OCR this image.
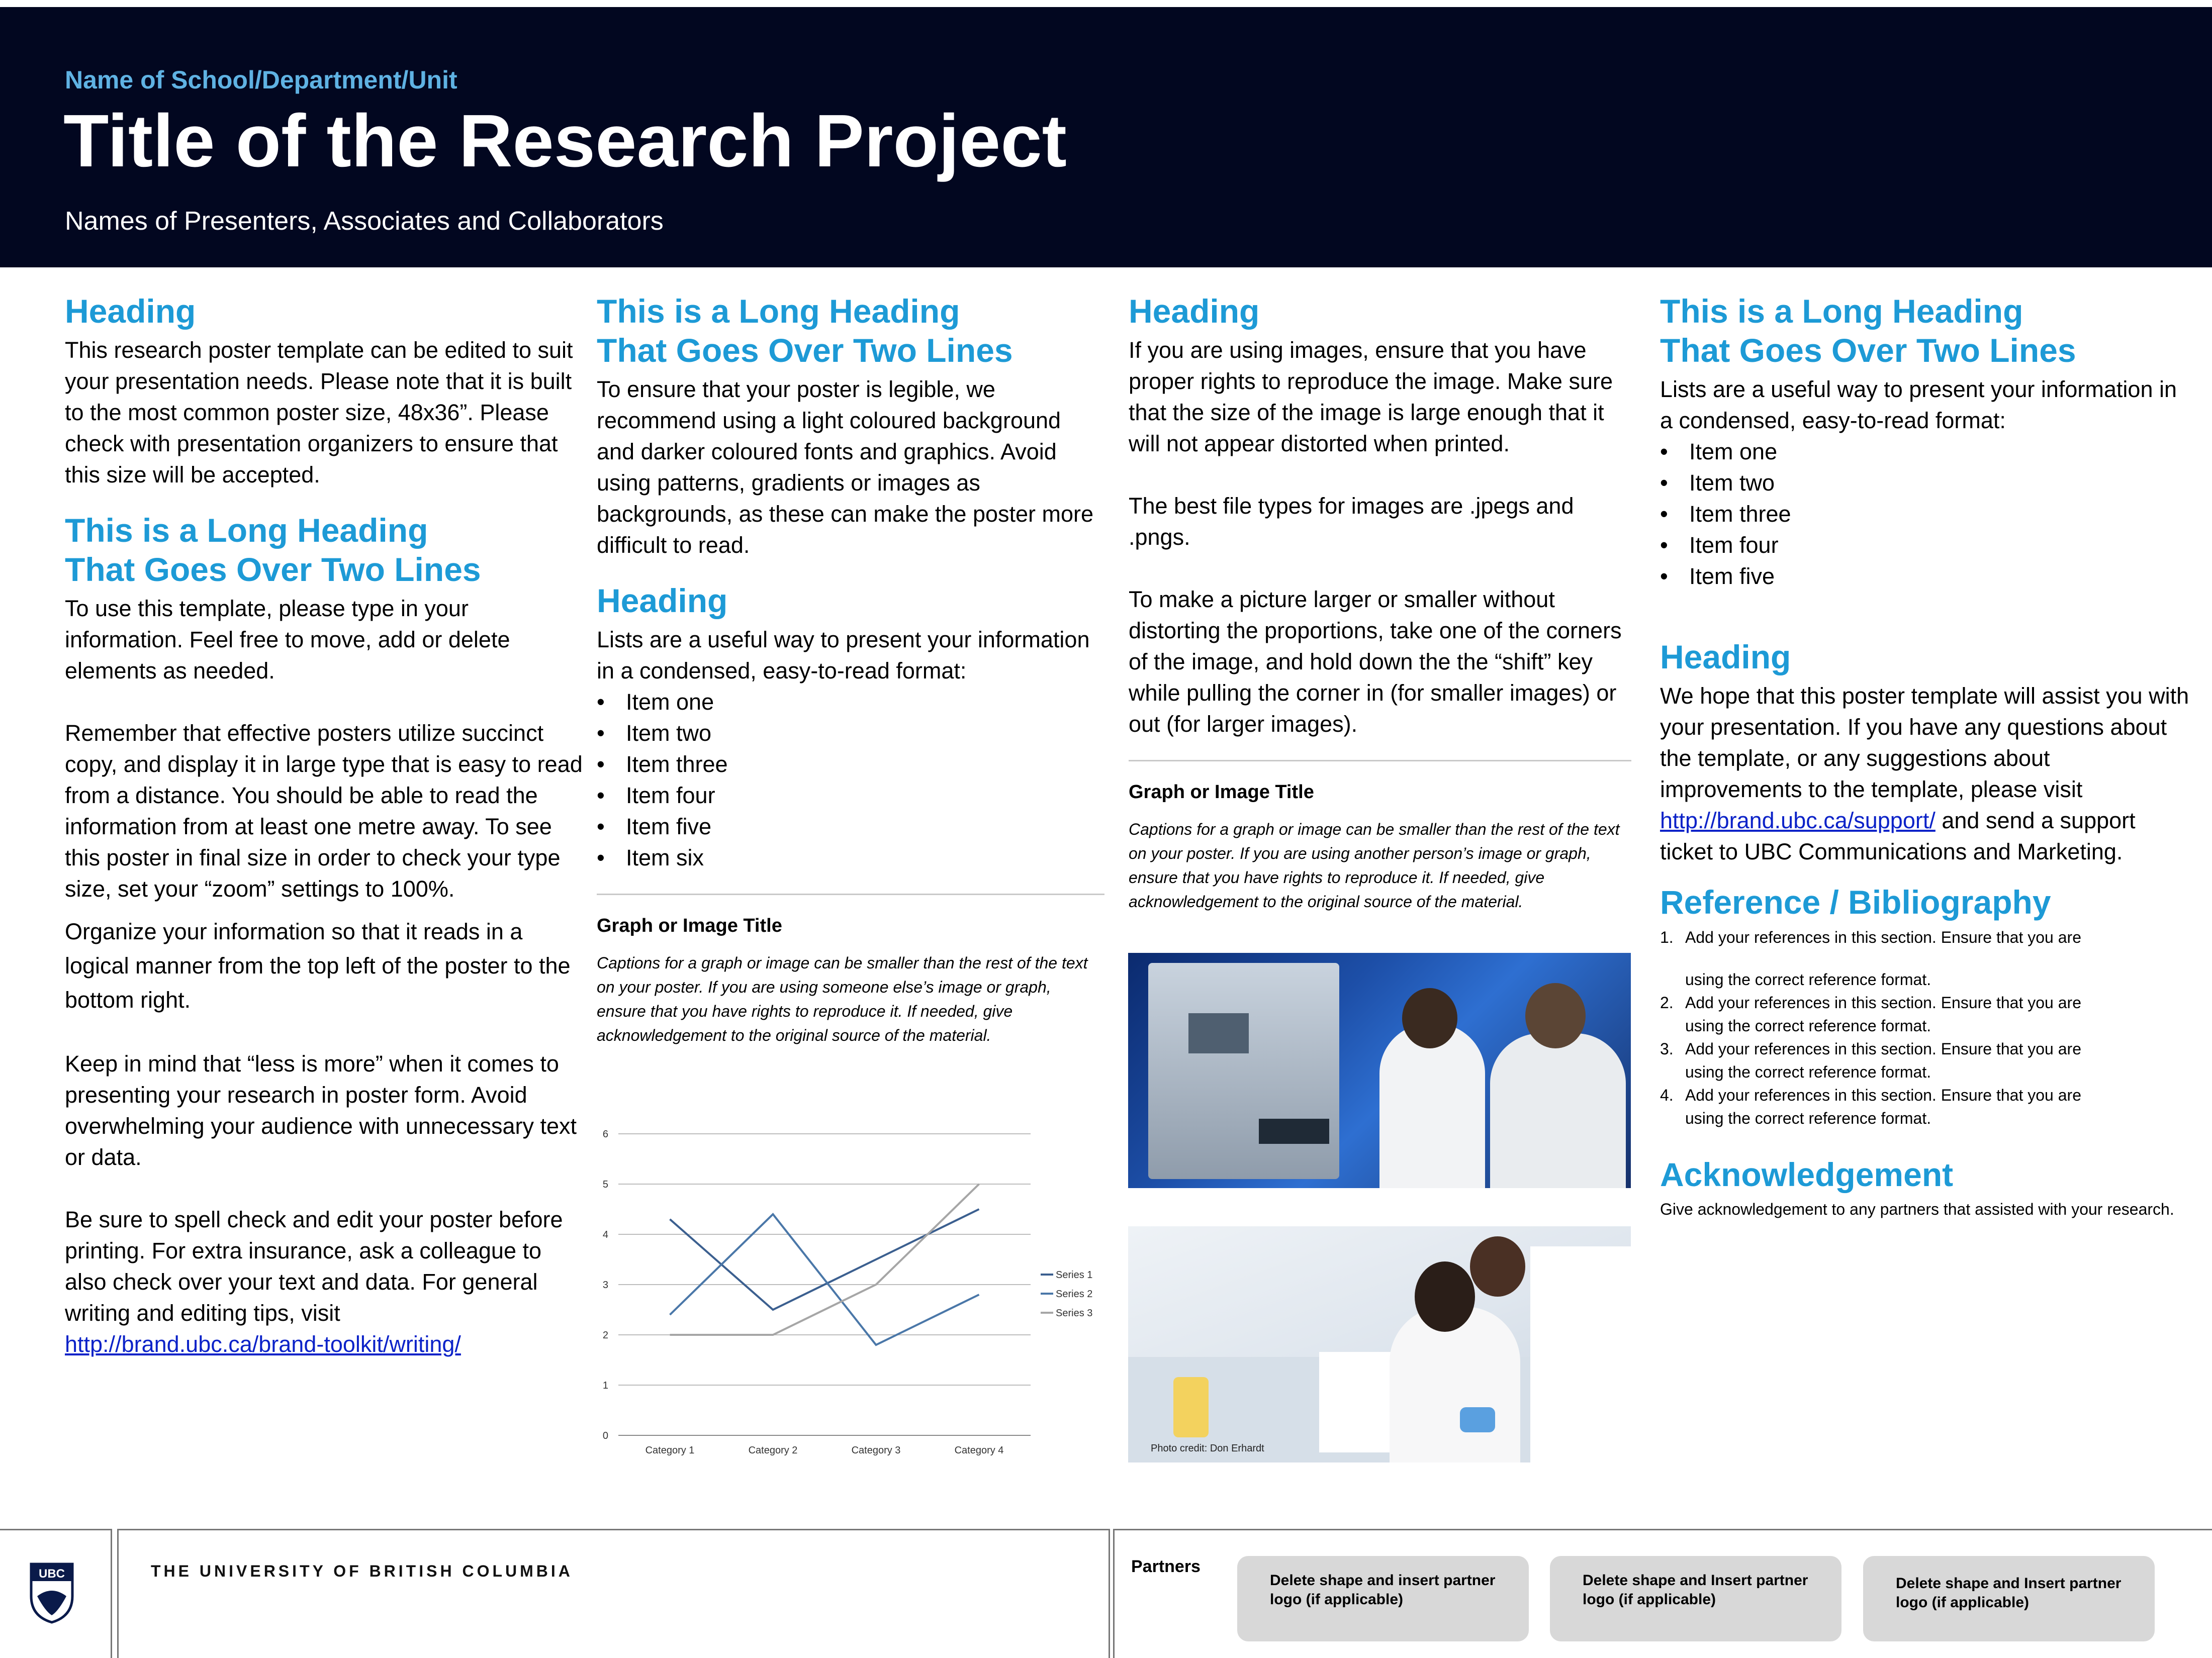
Name of School/Department/Unit
Title of the Research Project
Names of Presenters, Associates and Collaborators
Heading

This research poster template can be edited to suit your presentation needs. Please note that it is built to the most common poster size, 48x36”. Please check with presentation organizers to ensure that this size will be accepted.

This is a Long Heading
That Goes Over Two Lines

To use this template, please type in your information. Feel free to move, add or delete elements as needed.

Remember that effective posters utilize succinct copy, and display it in large type that is easy to read from a distance. You should be able to read the information from at least one metre away. To see this poster in final size in order to check your type size, set your “zoom” settings to 100%.

Organize your information so that it reads in a logical manner from the top left of the poster to the bottom right.

Keep in mind that “less is more” when it comes to presenting your research in poster form. Avoid overwhelming your audience with unnecessary text or data.

Be sure to spell check and edit your poster before printing. For extra insurance, ask a colleague to also check over your text and data. For general writing and editing tips, visit

http://brand.ubc.ca/brand-toolkit/writing/

This is a Long Heading
That Goes Over Two Lines

To ensure that your poster is legible, we recommend using a light coloured background and darker coloured fonts and graphics. Avoid using patterns, gradients or images as backgrounds, as these can make the poster more difficult to read.

Heading

Lists are a useful way to present your information in a condensed, easy-to-read format:

• Item one
• Item two
• Item three
• Item four
• Item five
• Item six
Graph or Image Title
Captions for a graph or image can be smaller than the rest of the text on your poster. If you are using someone else’s image or graph, ensure that you have rights to reproduce it. If needed, give acknowledgement to the original source of the material.
0
1
2
3
4
5
6
Category 1	Category 2	Category 3	Category 4
Series 1
Series 2
Series 3
Heading

If you are using images, ensure that you have proper rights to reproduce the image. Make sure that the size of the image is large enough that it will not appear distorted when printed.

The best file types for images are .jpegs and .pngs.

To make a picture larger or smaller without distorting the proportions, take one of the corners of the image, and hold down the the “shift” key while pulling the corner in (for smaller images) or out (for larger images).

Graph or Image Title
Captions for a graph or image can be smaller than the rest of the text on your poster. If you are using another person’s image or graph, ensure that you have rights to reproduce it. If needed, give acknowledgement to the original source of the material.
Photo credit: Don Erhardt
This is a Long Heading
That Goes Over Two Lines

Lists are a useful way to present your information in a condensed, easy-to-read format:

• Item one
• Item two
• Item three
• Item four
• Item five
Heading

We hope that this poster template will assist you with your presentation. If you have any questions about the template, or any suggestions about improvements to the template, please visit http://brand.ubc.ca/support/ and send a support ticket to UBC Communications and Marketing.

Reference / Bibliography
1. Add your references in this section. Ensure that you are

using the correct reference format.
2. Add your references in this section. Ensure that you are
using the correct reference format.
3. Add your references in this section. Ensure that you are
using the correct reference format.
4. Add your references in this section. Ensure that you are
using the correct reference format.
Acknowledgement

Give acknowledgement to any partners that assisted with your research.

UBC	THE UNIVERSITY OF BRITISH COLUMBIA	Partners
Delete shape and insert partner logo (if applicable)
Delete shape and Insert partner logo (if applicable)
Delete shape and Insert partner logo (if applicable)
